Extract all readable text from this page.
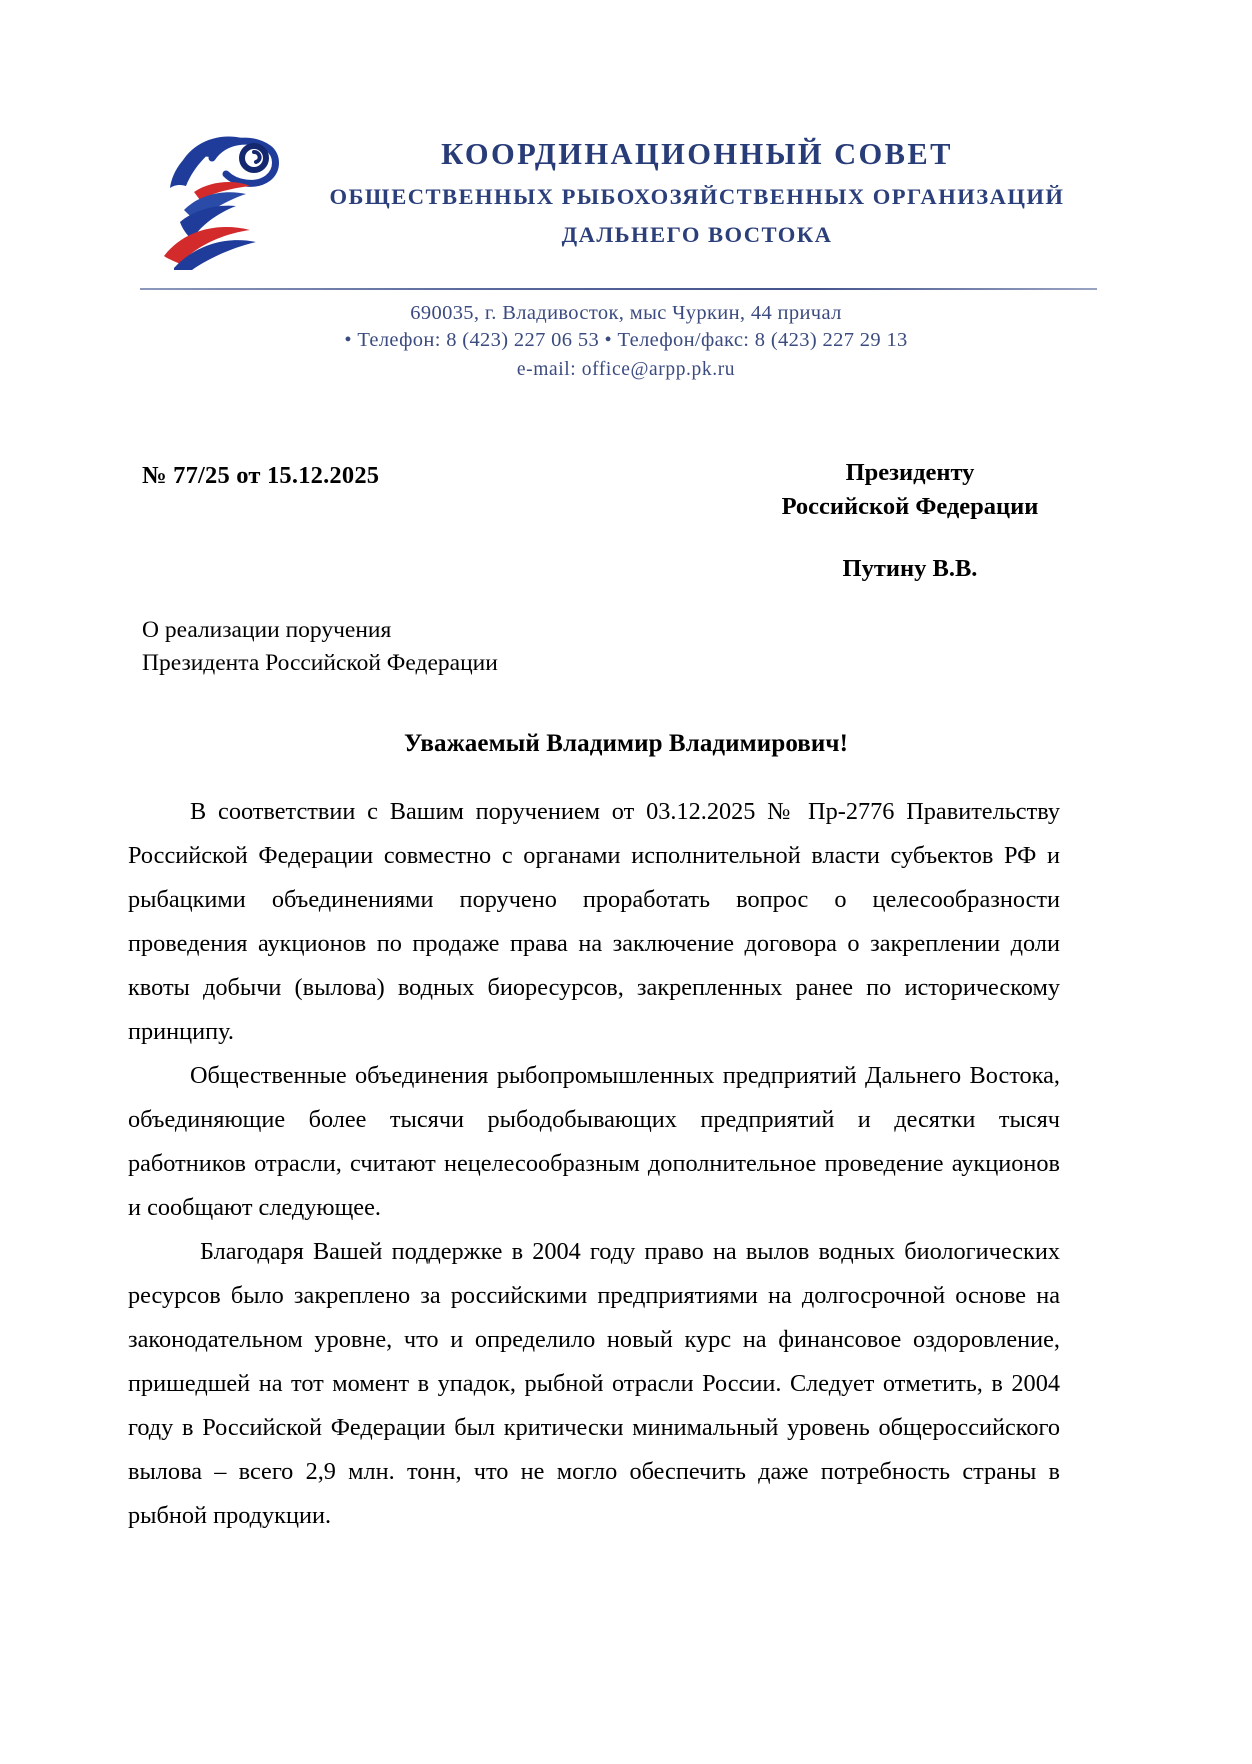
КООРДИНАЦИОННЫЙ СОВЕТ
ОБЩЕСТВЕННЫХ РЫБОХОЗЯЙСТВЕННЫХ ОРГАНИЗАЦИЙ
ДАЛЬНЕГО ВОСТОКА
690035, г. Владивосток, мыс Чуркин, 44 причал
• Телефон: 8 (423) 227 06 53 • Телефон/факс: 8 (423) 227 29 13
e-mail: office@arpp.pk.ru
№ 77/25 от 15.12.2025	Президенту
Российской Федерации
Путину В.В.
О реализации поручения
Президента Российской Федерации
Уважаемый Владимир Владимирович!

В соответствии с Вашим поручением от 03.12.2025 № Пр-2776 Правительству Российской Федерации совместно с органами исполнительной власти субъектов РФ и рыбацкими объединениями поручено проработать вопрос о целесообразности проведения аукционов по продаже права на заключение договора о закреплении доли квоты добычи (вылова) водных биоресурсов, закрепленных ранее по историческому принципу.

Общественные объединения рыбопромышленных предприятий Дальнего Востока, объединяющие более тысячи рыбодобывающих предприятий и десятки тысяч работников отрасли, считают нецелесообразным дополнительное проведение аукционов и сообщают следующее.

Благодаря Вашей поддержке в 2004 году право на вылов водных биологических ресурсов было закреплено за российскими предприятиями на долгосрочной основе на законодательном уровне, что и определило новый курс на финансовое оздоровление, пришедшей на тот момент в упадок, рыбной отрасли России. Следует отметить, в 2004 году в Российской Федерации был критически минимальный уровень общероссийского вылова – всего 2,9 млн. тонн, что не могло обеспечить даже потребность страны в рыбной продукции.
